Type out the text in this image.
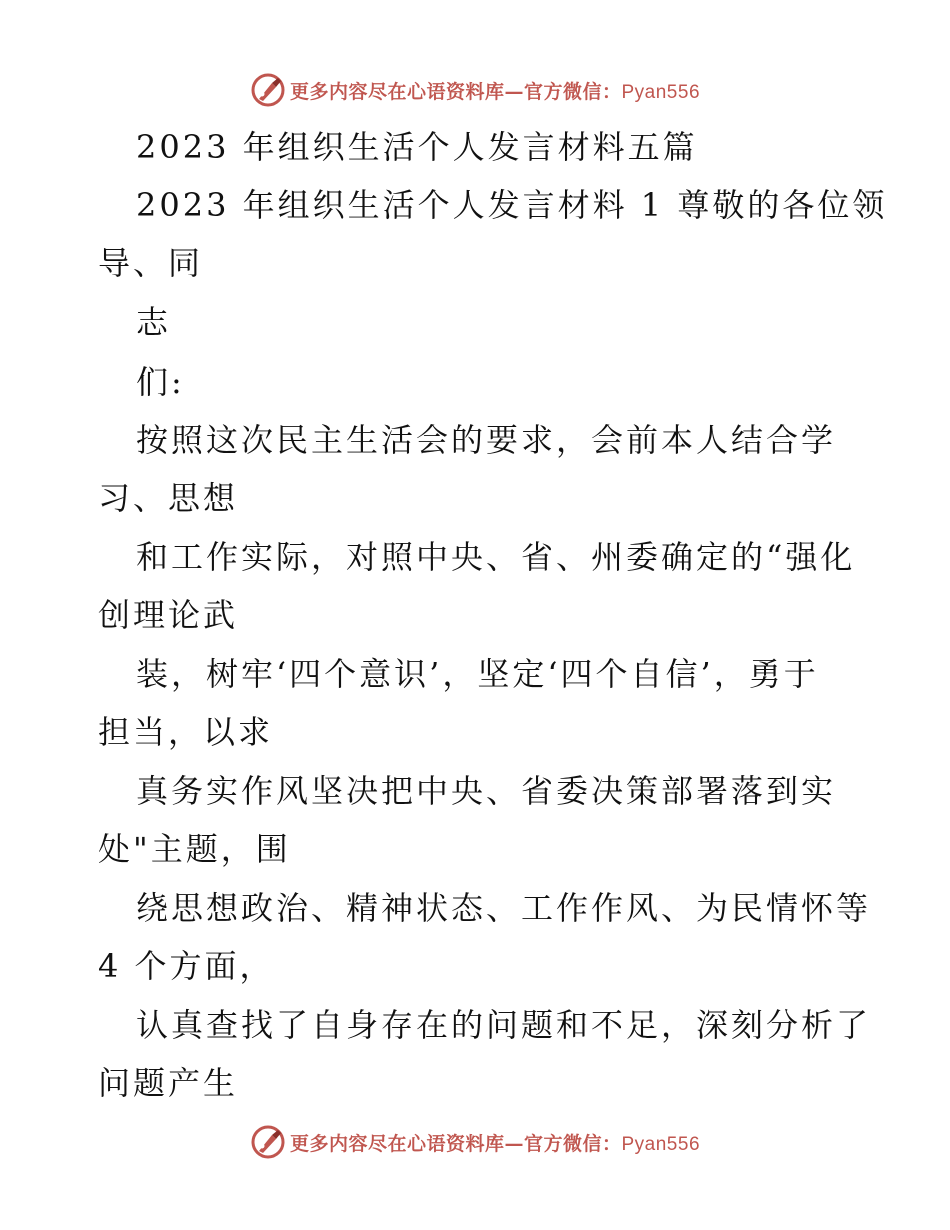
更多内容尽在心语资料库—官方微信：Pyan556
2023 年组织生活个人发言材料五篇
2023 年组织生活个人发言材料 1 尊敬的各位领
导、同
志
们:
按照这次民主生活会的要求，会前本人结合学
习、思想
和工作实际，对照中央、省、州委确定的“强化
创理论武
装，树牢‘四个意识’，坚定‘四个自信’，勇于
担当，以求
真务实作风坚决把中央、省委决策部署落到实
处"主题，围
绕思想政治、精神状态、工作作风、为民情怀等
4 个方面，
认真查找了自身存在的问题和不足，深刻分析了
问题产生
更多内容尽在心语资料库—官方微信：Pyan556
